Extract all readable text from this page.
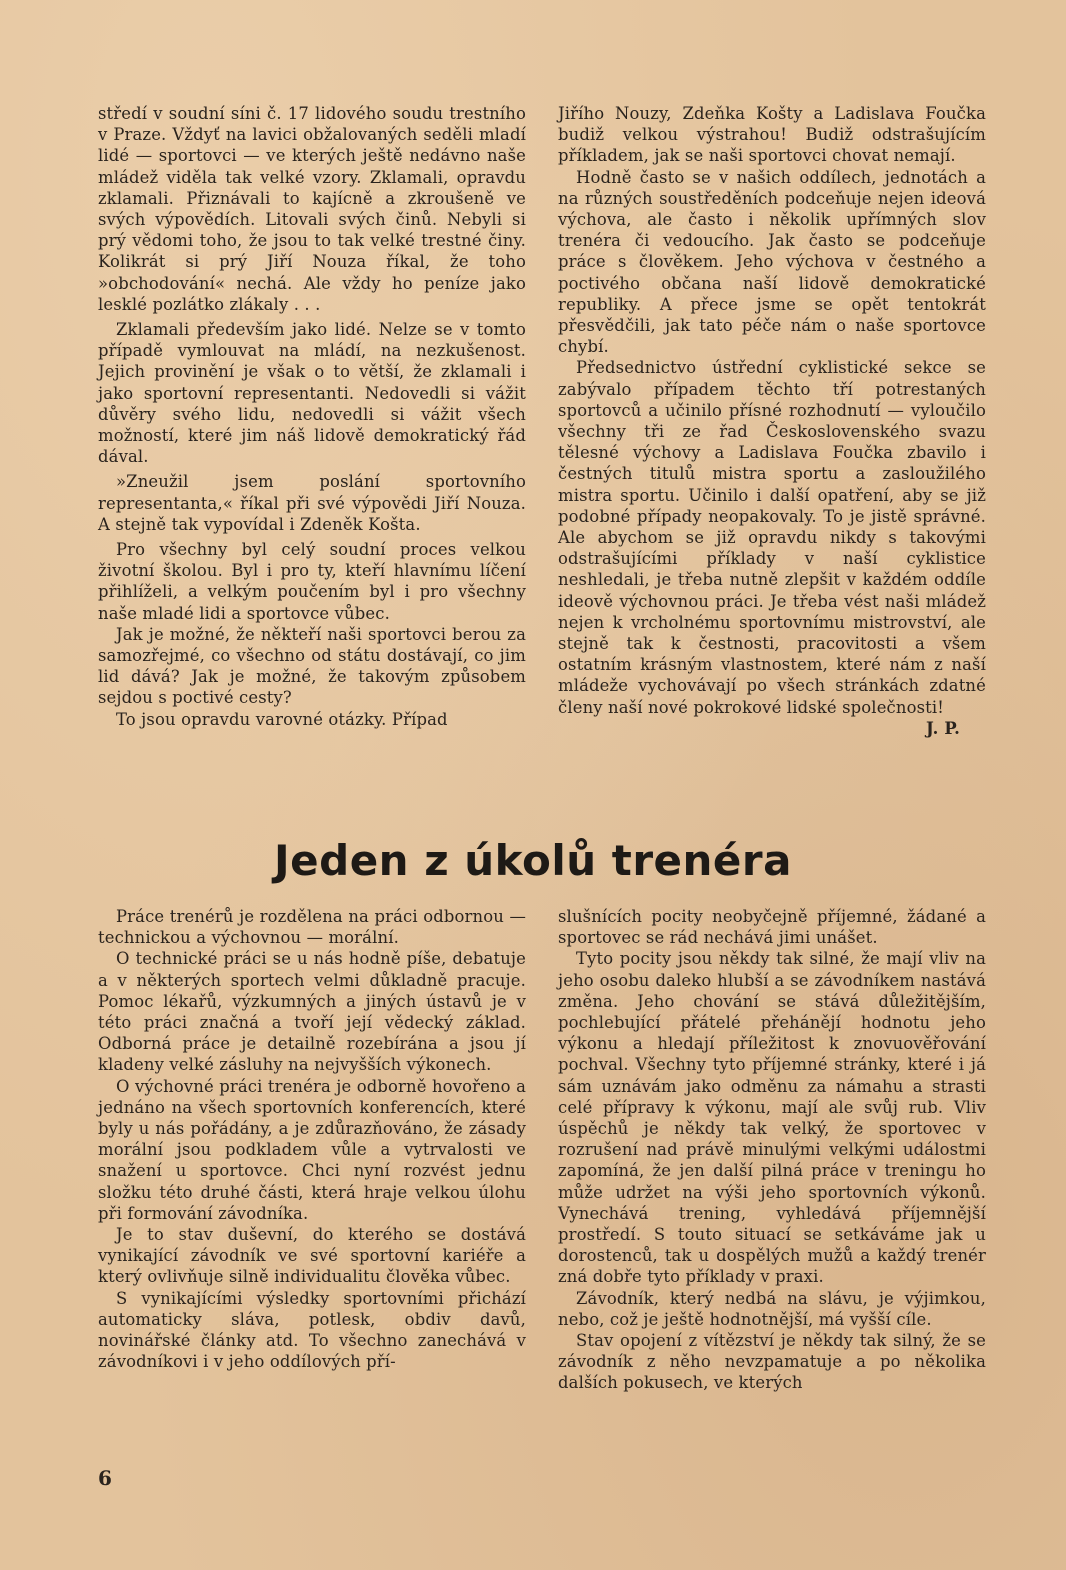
středí v soudní síni č. 17 lidového soudu trestního v Praze. Vždyť na lavici obžalovaných seděli mladí lidé — sportovci — ve kterých ještě nedávno naše mládež viděla tak velké vzory. Zklamali, opravdu zklamali. Přiznávali to kajícně a zkroušeně ve svých výpovědích. Litovali svých činů. Nebyli si prý vědomi toho, že jsou to tak velké trestné činy. Kolikrát si prý Jiří Nouza říkal, že toho »obchodování« nechá. Ale vždy ho peníze jako lesklé pozlátko zlákaly . . .

Zklamali především jako lidé. Nelze se v tomto případě vymlouvat na mládí, na nezkušenost. Jejich provinění je však o to větší, že zklamali i jako sportovní representanti. Nedovedli si vážit důvěry svého lidu, nedovedli si vážit všech možností, které jim náš lidově demokratický řád dával.

»Zneužil jsem poslání sportovního representanta,« říkal při své výpovědi Jiří Nouza. A stejně tak vypovídal i Zdeněk Košta.

Pro všechny byl celý soudní proces velkou životní školou. Byl i pro ty, kteří hlavnímu líčení přihlíželi, a velkým poučením byl i pro všechny naše mladé lidi a sportovce vůbec.

Jak je možné, že někteří naši sportovci berou za samozřejmé, co všechno od státu dostávají, co jim lid dává? Jak je možné, že takovým způsobem sejdou s poctivé cesty?

To jsou opravdu varovné otázky. Případ

Jiřího Nouzy, Zdeňka Košty a Ladislava Foučka budiž velkou výstrahou! Budiž odstrašujícím příkladem, jak se naši sportovci chovat nemají.

Hodně často se v našich oddílech, jednotách a na různých soustředěních podceňuje nejen ideová výchova, ale často i několik upřímných slov trenéra či vedoucího. Jak často se podceňuje práce s člověkem. Jeho výchova v čestného a poctivého občana naší lidově demokratické republiky. A přece jsme se opět tentokrát přesvědčili, jak tato péče nám o naše sportovce chybí.

Předsednictvo ústřední cyklistické sekce se zabývalo případem těchto tří potrestaných sportovců a učinilo přísné rozhodnutí — vyloučilo všechny tři ze řad Československého svazu tělesné výchovy a Ladislava Foučka zbavilo i čestných titulů mistra sportu a zasloužilého mistra sportu. Učinilo i další opatření, aby se již podobné případy neopakovaly. To je jistě správné. Ale abychom se již opravdu nikdy s takovými odstrašujícími příklady v naší cyklistice neshledali, je třeba nutně zlepšit v každém oddíle ideově výchovnou práci. Je třeba vést naši mládež nejen k vrcholnému sportovnímu mistrovství, ale stejně tak k čestnosti, pracovitosti a všem ostatním krásným vlastnostem, které nám z naší mládeže vychovávají po všech stránkách zdatné členy naší nové pokrokové lidské společnosti!

J. P.
Jeden z úkolů trenéra

Práce trenérů je rozdělena na práci odbornou — technickou a výchovnou — morální.

O technické práci se u nás hodně píše, debatuje a v některých sportech velmi důkladně pracuje. Pomoc lékařů, výzkumných a jiných ústavů je v této práci značná a tvoří její vědecký základ. Odborná práce je detailně rozebírána a jsou jí kladeny velké zásluhy na nejvyšších výkonech.

O výchovné práci trenéra je odborně hovořeno a jednáno na všech sportovních konferencích, které byly u nás pořádány, a je zdůrazňováno, že zásady morální jsou podkladem vůle a vytrvalosti ve snažení u sportovce. Chci nyní rozvést jednu složku této druhé části, která hraje velkou úlohu při formování závodníka.

Je to stav duševní, do kterého se dostává vynikající závodník ve své sportovní kariéře a který ovlivňuje silně individualitu člověka vůbec.

S vynikajícími výsledky sportovními přichází automaticky sláva, potlesk, obdiv davů, novinářské články atd. To všechno zanechává v závodníkovi i v jeho oddílových pří-

slušnících pocity neobyčejně příjemné, žádané a sportovec se rád nechává jimi unášet.

Tyto pocity jsou někdy tak silné, že mají vliv na jeho osobu daleko hlubší a se závodníkem nastává změna. Jeho chování se stává důležitějším, pochlebující přátelé přehánějí hodnotu jeho výkonu a hledají příležitost k znovuověřování pochval. Všechny tyto příjemné stránky, které i já sám uznávám jako odměnu za námahu a strasti celé přípravy k výkonu, mají ale svůj rub. Vliv úspěchů je někdy tak velký, že sportovec v rozrušení nad právě minulými velkými událostmi zapomíná, že jen další pilná práce v treningu ho může udržet na výši jeho sportovních výkonů. Vynechává trening, vyhledává příjemnější prostředí. S touto situací se setkáváme jak u dorostenců, tak u dospělých mužů a každý trenér zná dobře tyto příklady v praxi.

Závodník, který nedbá na slávu, je výjimkou, nebo, což je ještě hodnotnější, má vyšší cíle.

Stav opojení z vítězství je někdy tak silný, že se závodník z něho nevzpamatuje a po několika dalších pokusech, ve kterých

6
